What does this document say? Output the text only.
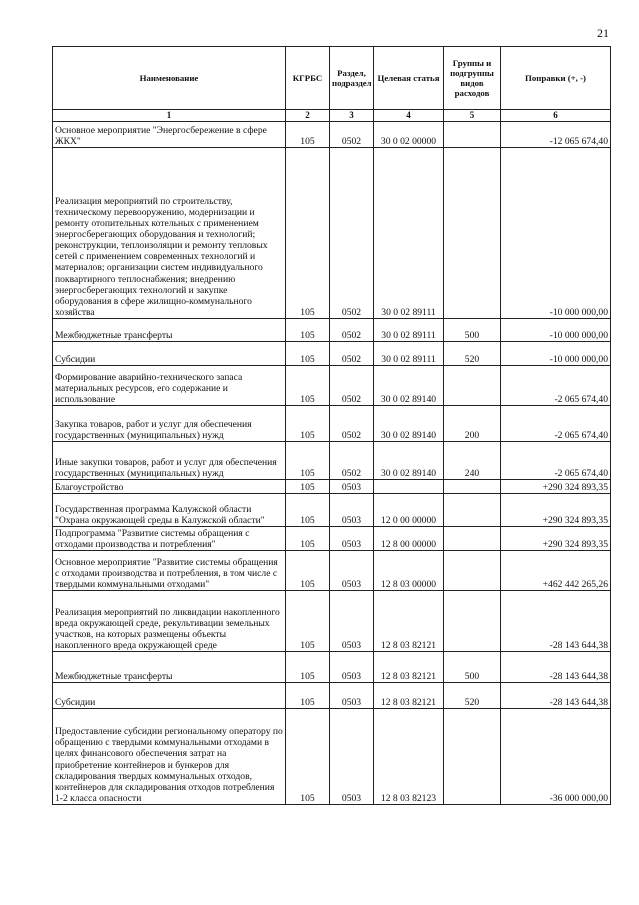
21
Наименование	КГРБС	Раздел, подраздел	Целевая статья	Группы и подгруппы видов расходов	Поправки (+, -)
1	2	3	4	5	6
Основное мероприятие "Энергосбережение в сфере ЖКХ"	105	0502	30 0 02 00000		-12 065 674,40
Реализация мероприятий по строительству, техническому перевооружению, модернизации и ремонту отопительных котельных с применением энергосберегающих оборудования и технологий; реконструкции, теплоизоляции и ремонту тепловых сетей с применением современных технологий и материалов; организации систем индивидуального поквартирного теплоснабжения; внедрению энергосберегающих технологий и закупке оборудования в сфере жилищно-коммунального хозяйства	105	0502	30 0 02 89111		-10 000 000,00
Межбюджетные трансферты	105	0502	30 0 02 89111	500	-10 000 000,00
Субсидии	105	0502	30 0 02 89111	520	-10 000 000,00
Формирование аварийно-технического запаса материальных ресурсов, его содержание и использование	105	0502	30 0 02 89140		-2 065 674,40
Закупка товаров, работ и услуг для обеспечения государственных (муниципальных) нужд	105	0502	30 0 02 89140	200	-2 065 674,40
Иные закупки товаров, работ и услуг для обеспечения государственных (муниципальных) нужд	105	0502	30 0 02 89140	240	-2 065 674,40
Благоустройство	105	0503			+290 324 893,35
Государственная программа Калужской области "Охрана окружающей среды в Калужской области"	105	0503	12 0 00 00000		+290 324 893,35
Подпрограмма "Развитие системы обращения с отходами производства и потребления"	105	0503	12 8 00 00000		+290 324 893,35
Основное мероприятие "Развитие системы обращения с отходами производства и потребления, в том числе с твердыми коммунальными отходами"	105	0503	12 8 03 00000		+462 442 265,26
Реализация мероприятий по ликвидации накопленного вреда окружающей среде, рекультивации земельных участков, на которых размещены объекты накопленного вреда окружающей среде	105	0503	12 8 03 82121		-28 143 644,38
Межбюджетные трансферты	105	0503	12 8 03 82121	500	-28 143 644,38
Субсидии	105	0503	12 8 03 82121	520	-28 143 644,38
Предоставление субсидии региональному оператору по обращению с твердыми коммунальными отходами в целях финансового обеспечения затрат на приобретение контейнеров и бункеров для складирования твердых коммунальных отходов, контейнеров для складирования отходов потребления 1-2 класса опасности	105	0503	12 8 03 82123		-36 000 000,00
